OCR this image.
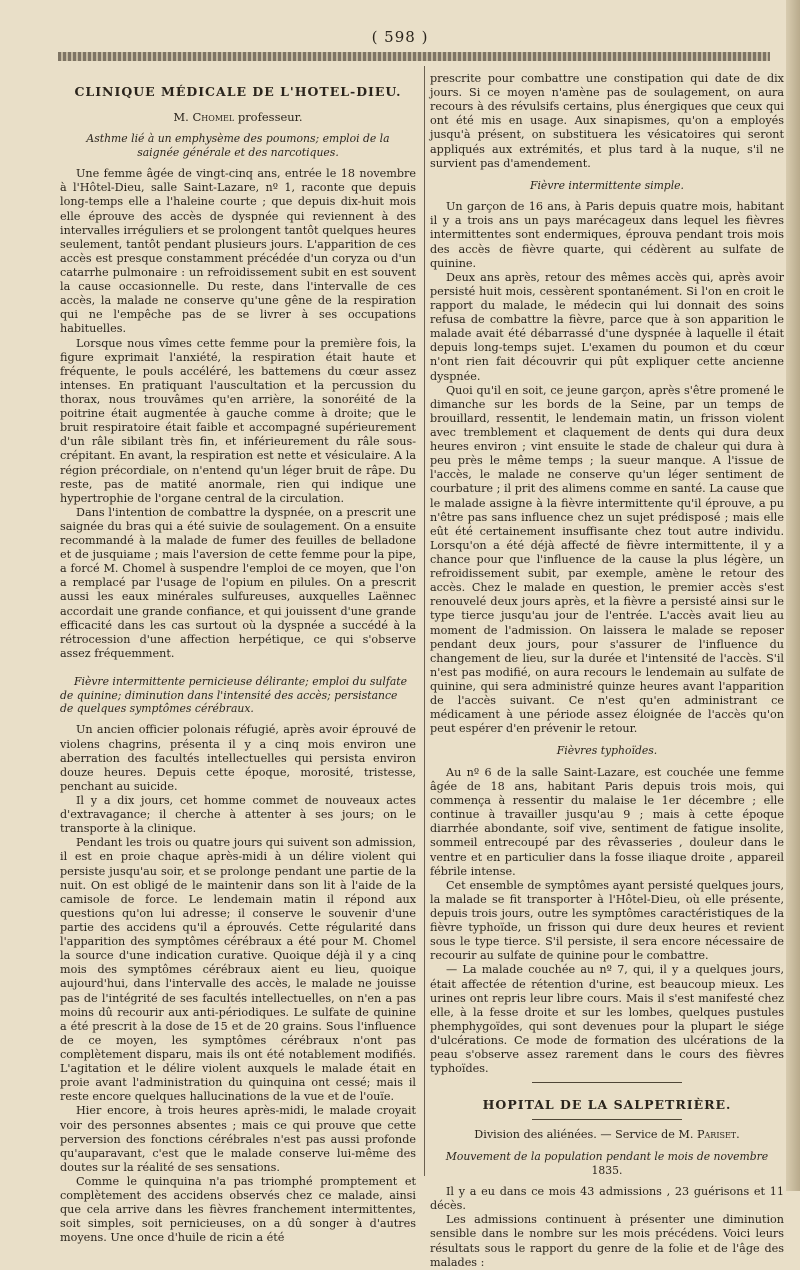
( 598 )
CLINIQUE MÉDICALE DE L'HOTEL-DIEU.
M. Chomel professeur.
Asthme lié à un emphysème des poumons; emploi de la saignée générale et des narcotiques.

Une femme âgée de vingt-cinq ans, entrée le 18 novembre à l'Hôtel-Dieu, salle Saint-Lazare, nº 1, raconte que depuis long-temps elle a l'haleine courte ; que depuis dix-huit mois elle éprouve des accès de dyspnée qui reviennent à des intervalles irréguliers et se prolongent tantôt quelques heures seulement, tantôt pendant plusieurs jours. L'apparition de ces accès est presque constamment précédée d'un coryza ou d'un catarrhe pulmonaire : un refroidissement subit en est souvent la cause occasionnelle. Du reste, dans l'intervalle de ces accès, la malade ne conserve qu'une gêne de la respiration qui ne l'empêche pas de se livrer à ses occupations habituelles.

Lorsque nous vîmes cette femme pour la première fois, la figure exprimait l'anxiété, la respiration était haute et fréquente, le pouls accéléré, les battemens du cœur assez intenses. En pratiquant l'auscultation et la percussion du thorax, nous trouvâmes qu'en arrière, la sonoréité de la poitrine était augmentée à gauche comme à droite; que le bruit respiratoire était faible et accompagné supérieurement d'un râle sibilant très fin, et inférieurement du râle sous-crépitant. En avant, la respiration est nette et vésiculaire. A la région précordiale, on n'entend qu'un léger bruit de râpe. Du reste, pas de matité anormale, rien qui indique une hypertrophie de l'organe central de la circulation.

Dans l'intention de combattre la dyspnée, on a prescrit une saignée du bras qui a été suivie de soulagement. On a ensuite recommandé à la malade de fumer des feuilles de belladone et de jusquiame ; mais l'aversion de cette femme pour la pipe, a forcé M. Chomel à suspendre l'emploi de ce moyen, que l'on a remplacé par l'usage de l'opium en pilules. On a prescrit aussi les eaux minérales sulfureuses, auxquelles Laënnec accordait une grande confiance, et qui jouissent d'une grande efficacité dans les cas surtout où la dyspnée a succédé à la rétrocession d'une affection herpétique, ce qui s'observe assez fréquemment.

Fièvre intermittente pernicieuse délirante; emploi du sulfate de quinine; diminution dans l'intensité des accès; persistance de quelques symptômes cérébraux.

Un ancien officier polonais réfugié, après avoir éprouvé de violens chagrins, présenta il y a cinq mois environ une aberration des facultés intellectuelles qui persista environ douze heures. Depuis cette époque, morosité, tristesse, penchant au suicide.

Il y a dix jours, cet homme commet de nouveaux actes d'extravagance; il cherche à attenter à ses jours; on le transporte à la clinique.

Pendant les trois ou quatre jours qui suivent son admission, il est en proie chaque après-midi à un délire violent qui persiste jusqu'au soir, et se prolonge pendant une partie de la nuit. On est obligé de le maintenir dans son lit à l'aide de la camisole de force. Le lendemain matin il répond aux questions qu'on lui adresse; il conserve le souvenir d'une partie des accidens qu'il a éprouvés. Cette régularité dans l'apparition des symptômes cérébraux a été pour M. Chomel la source d'une indication curative. Quoique déjà il y a cinq mois des symptômes cérébraux aient eu lieu, quoique aujourd'hui, dans l'intervalle des accès, le malade ne jouisse pas de l'intégrité de ses facultés intellectuelles, on n'en a pas moins dû recourir aux anti-périodiques. Le sulfate de quinine a été prescrit à la dose de 15 et de 20 grains. Sous l'influence de ce moyen, les symptômes cérébraux n'ont pas complètement disparu, mais ils ont été notablement modifiés. L'agitation et le délire violent auxquels le malade était en proie avant l'administration du quinquina ont cessé; mais il reste encore quelques hallucinations de la vue et de l'ouïe.

Hier encore, à trois heures après-midi, le malade croyait voir des personnes absentes ; mais ce qui prouve que cette perversion des fonctions cérébrales n'est pas aussi profonde qu'auparavant, c'est que le malade conserve lui-même des doutes sur la réalité de ses sensations.

Comme le quinquina n'a pas triomphé promptement et complètement des accidens observés chez ce malade, ainsi que cela arrive dans les fièvres franchement intermittentes, soit simples, soit pernicieuses, on a dû songer à d'autres moyens. Une once d'huile de ricin a été

prescrite pour combattre une constipation qui date de dix jours. Si ce moyen n'amène pas de soulagement, on aura recours à des révulsifs certains, plus énergiques que ceux qui ont été mis en usage. Aux sinapismes, qu'on a employés jusqu'à présent, on substituera les vésicatoires qui seront appliqués aux extrémités, et plus tard à la nuque, s'il ne survient pas d'amendement.

Fièvre intermittente simple.

Un garçon de 16 ans, à Paris depuis quatre mois, habitant il y a trois ans un pays marécageux dans lequel les fièvres intermittentes sont endermiques, éprouva pendant trois mois des accès de fièvre quarte, qui cédèrent au sulfate de quinine.

Deux ans après, retour des mêmes accès qui, après avoir persisté huit mois, cessèrent spontanément. Si l'on en croit le rapport du malade, le médecin qui lui donnait des soins refusa de combattre la fièvre, parce que à son apparition le malade avait été débarrassé d'une dyspnée à laquelle il était depuis long-temps sujet. L'examen du poumon et du cœur n'ont rien fait découvrir qui pût expliquer cette ancienne dyspnée.

Quoi qu'il en soit, ce jeune garçon, après s'être promené le dimanche sur les bords de la Seine, par un temps de brouillard, ressentit, le lendemain matin, un frisson violent avec tremblement et claquement de dents qui dura deux heures environ ; vint ensuite le stade de chaleur qui dura à peu près le même temps ; la sueur manque. A l'issue de l'accès, le malade ne conserve qu'un léger sentiment de courbature ; il prit des alimens comme en santé. La cause que le malade assigne à la fièvre intermittente qu'il éprouve, a pu n'être pas sans influence chez un sujet prédisposé ; mais elle eût été certainement insuffisante chez tout autre individu. Lorsqu'on a été déjà affecté de fièvre intermittente, il y a chance pour que l'influence de la cause la plus légère, un refroidissement subit, par exemple, amène le retour des accès. Chez le malade en question, le premier accès s'est renouvelé deux jours après, et la fièvre a persisté ainsi sur le type tierce jusqu'au jour de l'entrée. L'accès avait lieu au moment de l'admission. On laissera le malade se reposer pendant deux jours, pour s'assurer de l'influence du changement de lieu, sur la durée et l'intensité de l'accès. S'il n'est pas modifié, on aura recours le lendemain au sulfate de quinine, qui sera administré quinze heures avant l'apparition de l'accès suivant. Ce n'est qu'en administrant ce médicament à une période assez éloignée de l'accès qu'on peut espérer d'en prévenir le retour.

Fièvres typhoïdes.

Au nº 6 de la salle Saint-Lazare, est couchée une femme âgée de 18 ans, habitant Paris depuis trois mois, qui commença à ressentir du malaise le 1er décembre ; elle continue à travailler jusqu'au 9 ; mais à cette époque diarrhée abondante, soif vive, sentiment de fatigue insolite, sommeil entrecoupé par des rêvasseries , douleur dans le ventre et en particulier dans la fosse iliaque droite , appareil fébrile intense.

Cet ensemble de symptômes ayant persisté quelques jours, la malade se fit transporter à l'Hôtel-Dieu, où elle présente, depuis trois jours, outre les symptômes caractéristiques de la fièvre typhoïde, un frisson qui dure deux heures et revient sous le type tierce. S'il persiste, il sera encore nécessaire de recourir au sulfate de quinine pour le combattre.

— La malade couchée au nº 7, qui, il y a quelques jours, était affectée de rétention d'urine, est beaucoup mieux. Les urines ont repris leur libre cours. Mais il s'est manifesté chez elle, à la fesse droite et sur les lombes, quelques pustules phemphygoïdes, qui sont devenues pour la plupart le siége d'ulcérations. Ce mode de formation des ulcérations de la peau s'observe assez rarement dans le cours des fièvres typhoïdes.

HOPITAL DE LA SALPETRIÈRE.
Division des aliénées. — Service de M. Pariset.
Mouvement de la population pendant le mois de novembre 1835.

Il y a eu dans ce mois 43 admissions , 23 guérisons et 11 décès.

Les admissions continuent à présenter une diminution sensible dans le nombre sur les mois précédens. Voici leurs résultats sous le rapport du genre de la folie et de l'âge des malades :
